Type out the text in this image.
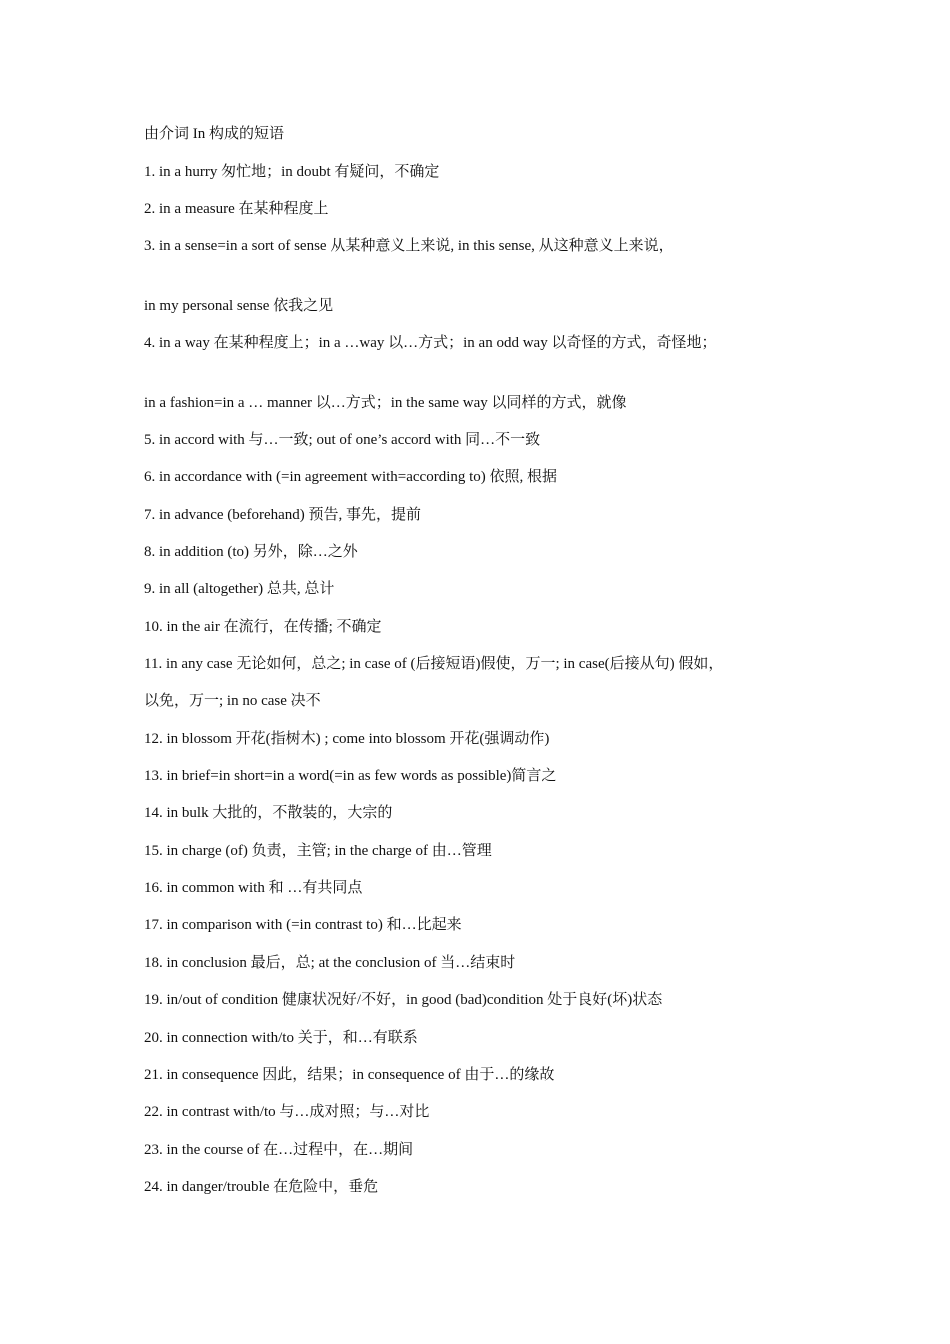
由介词 In 构成的短语
1. in a hurry 匆忙地；in doubt 有疑问，不确定
2. in a measure 在某种程度上
3. in a sense=in a sort of sense 从某种意义上来说, in this sense, 从这种意义上来说，
in my personal sense 依我之见
4. in a way 在某种程度上；in a …way 以…方式；in an odd way 以奇怪的方式，奇怪地；
in a fashion=in a … manner 以…方式；in the same way 以同样的方式，就像
5. in accord with 与…一致; out of one’s accord with 同…不一致
6. in accordance with (=in agreement with=according to) 依照, 根据
7. in advance (beforehand) 预告, 事先，提前
8. in addition (to) 另外，除…之外
9. in all (altogether) 总共, 总计
10. in the air 在流行，在传播; 不确定
11. in any case 无论如何，总之; in case of (后接短语)假使，万一; in case(后接从句) 假如，
以免，万一; in no case 决不
12. in blossom 开花(指树木) ; come into blossom 开花(强调动作)
13. in brief=in short=in a word(=in as few words as possible)简言之
14. in bulk 大批的，不散装的，大宗的
15. in charge (of) 负责，主管; in the charge of 由…管理
16. in common with 和 …有共同点
17. in comparison with (=in contrast to) 和…比起来
18. in conclusion 最后，总; at the conclusion of 当…结束时
19. in/out of condition 健康状况好/不好，in good (bad)condition 处于良好(坏)状态
20. in connection with/to 关于，和…有联系
21. in consequence 因此，结果；in consequence of 由于…的缘故
22. in contrast with/to 与…成对照；与…对比
23. in the course of 在…过程中，在…期间
24. in danger/trouble 在危险中，垂危
